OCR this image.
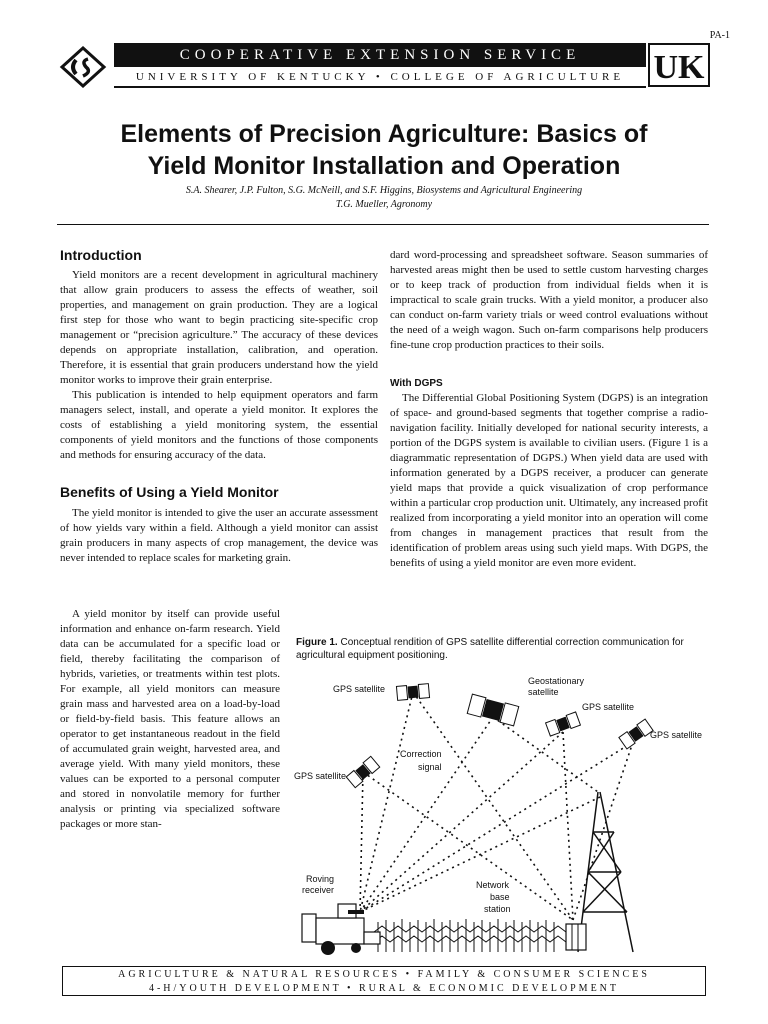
PA-1
COOPERATIVE EXTENSION SERVICE
UNIVERSITY OF KENTUCKY • COLLEGE OF AGRICULTURE UK
Elements of Precision Agriculture: Basics of
Yield Monitor Installation and Operation
S.A. Shearer, J.P. Fulton, S.G. McNeill, and S.F. Higgins, Biosystems and Agricultural Engineering
T.G. Mueller, Agronomy
Introduction

Yield monitors are a recent development in agricultural machinery that allow grain producers to assess the effects of weather, soil properties, and management on grain production. They are a logical first step for those who want to begin practicing site-specific crop management or “precision agriculture.” The accuracy of these devices depends on appropriate installation, calibration, and operation. Therefore, it is essential that grain producers understand how the yield monitor works to improve their grain enterprise.

This publication is intended to help equipment operators and farm managers select, install, and operate a yield monitor. It explores the costs of establishing a yield monitoring system, the essential components of yield monitors and the functions of those components and methods for ensuring accuracy of the data.

Benefits of Using a Yield Monitor

The yield monitor is intended to give the user an accurate assessment of how yields vary within a field. Although a yield monitor can assist grain producers in many aspects of crop management, the device was never intended to replace scales for marketing grain.

A yield monitor by itself can provide useful information and enhance on-farm research. Yield data can be accumulated for a specific load or field, thereby facilitating the comparison of hybrids, varieties, or treatments within test plots. For example, all yield monitors can measure grain mass and harvested area on a load-by-load or field-by-field basis. This feature allows an operator to get instantaneous readout in the field of accumulated grain weight, harvested area, and average yield. With many yield monitors, these values can be exported to a personal computer and stored in nonvolatile memory for further analysis or printing via specialized software packages or more stan-

dard word-processing and spreadsheet software. Season summaries of harvested areas might then be used to settle custom harvesting charges or to keep track of production from individual fields when it is impractical to scale grain trucks. With a yield monitor, a producer also can conduct on-farm variety trials or weed control evaluations without the need of a weigh wagon. Such on-farm comparisons help producers fine-tune crop production practices to their soils.

With DGPS

The Differential Global Positioning System (DGPS) is an integration of space- and ground-based segments that together comprise a radio-navigation facility. Initially developed for national security interests, a portion of the DGPS system is available to civilian users. (Figure 1 is a diagrammatic representation of DGPS.) When yield data are used with information generated by a DGPS receiver, a producer can generate yield maps that provide a quick visualization of crop performance within a particular crop production unit. Ultimately, any increased profit realized from incorporating a yield monitor into an operation will come from changes in management practices that result from the identification of problem areas using such yield maps. With DGPS, the benefits of using a yield monitor are even more evident.

Figure 1. Conceptual rendition of GPS satellite differential correction communication for agricultural equipment positioning.
GPS satellite
Geostationary
satellite
GPS satellite
GPS satellite
GPS satellite
Correction
signal
Roving
receiver	Network
base
station
AGRICULTURE & NATURAL RESOURCES • FAMILY & CONSUMER SCIENCES
4-H/YOUTH DEVELOPMENT • RURAL & ECONOMIC DEVELOPMENT
